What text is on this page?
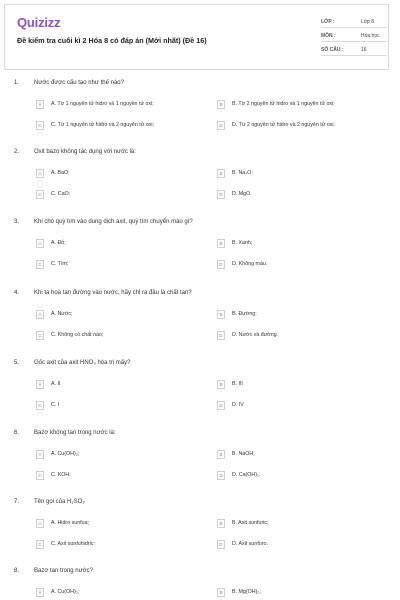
Quizizz
Đề kiểm tra cuối kì 2 Hóa 8 có đáp án (Mới nhất) (Đề 16)
LỚP :	Lớp 8
MÔN :	Hóa học
SỐ CÂU :	16
1. Nước được cấu tạo như thế nào?
A	A. Từ 1 nguyên tử hidro và 1 nguyên tử oxi;	B	B. Từ 2 nguyên tử hidro và 1 nguyên tử oxi;
C	C. Từ 1 nguyên tử hidro và 2 nguyên tử oxi;	D	D. Từ 2 nguyên tử hidro và 2 nguyên tử oxi.
2. Oxit bazo không tác dụng với nước là:
A	A. BaO;	B	B. Na₂O;
C	C. CaO;	D	D. MgO.
3. Khi cho quỳ tím vào dung dịch axit, quỳ tím chuyển màu gì?
A	A. Đỏ;	B	B. Xanh;
C	C. Tím;	D	D. Không màu.
4. Khi ta hoà tan đường vào nước, hãy chỉ ra đâu là chất tan?
A	A. Nước;	B	B. Đường;
C	C. Không có chất nào;	D	D. Nước và đường.
5. Gốc axit của axit HNO₃ hóa trị mấy?
A	A. II	B	B. III
C	C. I	D	D. IV
6. Bazơ không tan trong nước là:
A	A. Cu(OH)₂;	B	B. NaOH;
C	C. KOH;	D	D. Ca(OH)₂.
7. Tên gọi của H₂SO₃
A	A. Hidro sunfua;	B	B. Axit sunfuric;
C	C. Axit sunfuhidric;	D	D. Axit sunfuro.
8. Bazơ tan trong nước?
A	A. Cu(OH)₂;	B	B. Mg(OH)₂;
